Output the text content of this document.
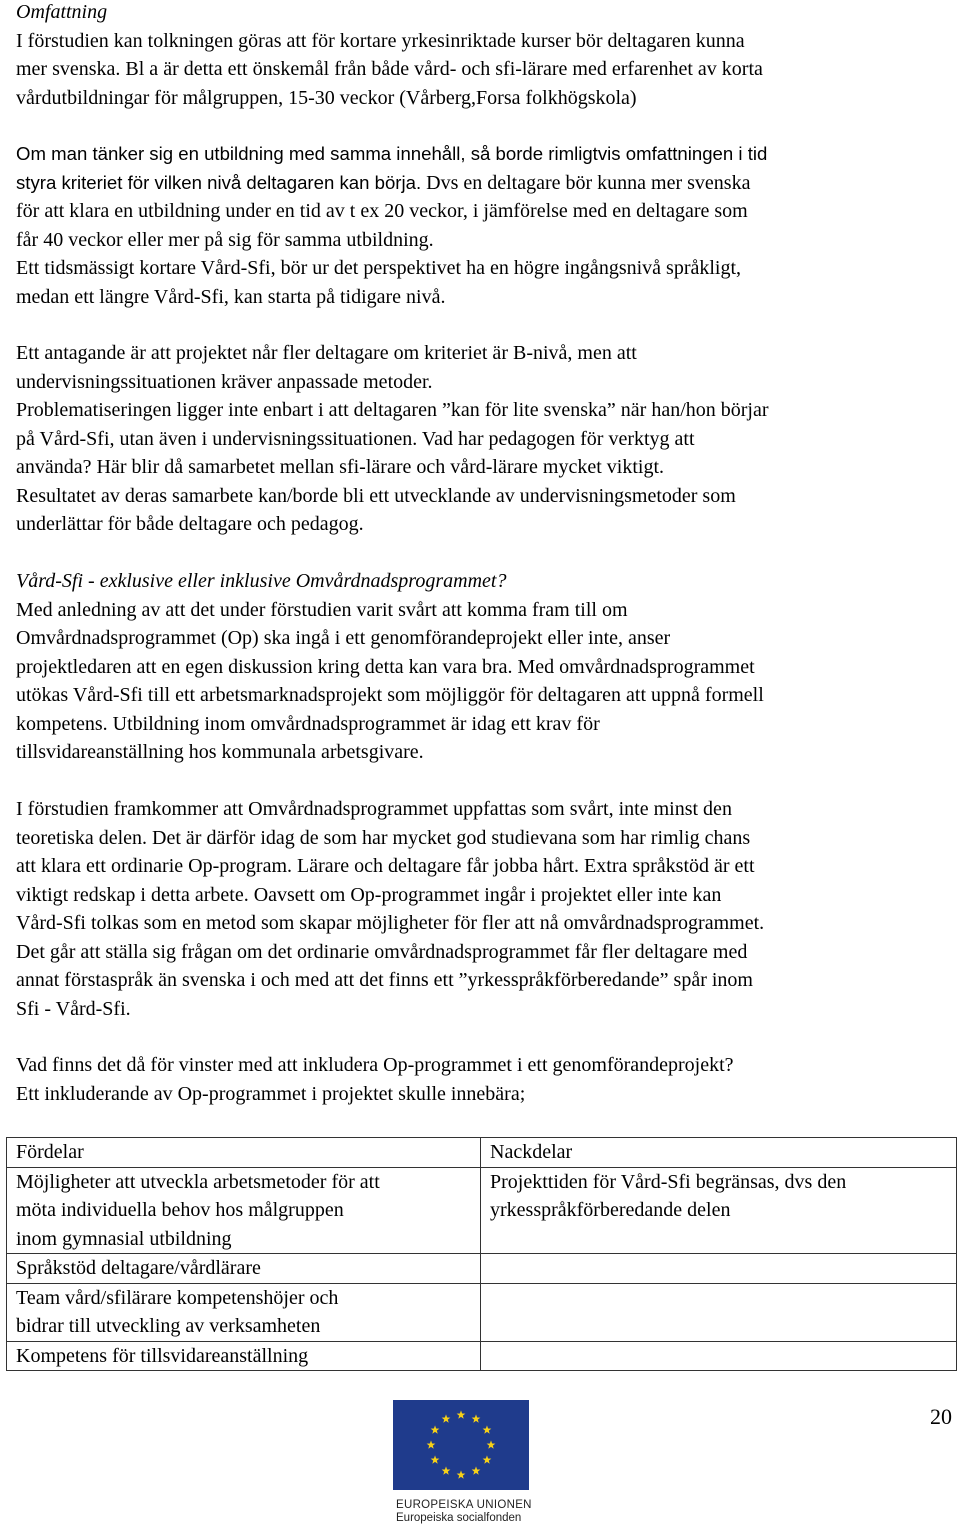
Omfattning
I förstudien kan tolkningen göras att för kortare yrkesinriktade kurser bör deltagaren kunna
mer svenska. Bl a är detta ett önskemål från både vård- och sfi-lärare med erfarenhet av korta
vårdutbildningar för målgruppen, 15-30 veckor (Vårberg,Forsa folkhögskola)
Om man tänker sig en utbildning med samma innehåll, så borde rimligtvis omfattningen i tid
styra kriteriet för vilken nivå deltagaren kan börja. Dvs en deltagare bör kunna mer svenska
för att klara en utbildning under en tid av t ex 20 veckor, i jämförelse med en deltagare som
får 40 veckor eller mer på sig för samma utbildning.
Ett tidsmässigt kortare Vård-Sfi, bör ur det perspektivet ha en högre ingångsnivå språkligt,
medan ett längre Vård-Sfi, kan starta på tidigare nivå.
Ett antagande är att projektet når fler deltagare om kriteriet är B-nivå, men att
undervisningssituationen kräver anpassade metoder.
Problematiseringen ligger inte enbart i att deltagaren ”kan för lite svenska” när han/hon börjar
på Vård-Sfi, utan även i undervisningssituationen. Vad har pedagogen för verktyg att
använda? Här blir då samarbetet mellan sfi-lärare och vård-lärare mycket viktigt.
Resultatet av deras samarbete kan/borde bli ett utvecklande av undervisningsmetoder som
underlättar för både deltagare och pedagog.
Vård-Sfi - exklusive eller inklusive Omvårdnadsprogrammet?
Med anledning av att det under förstudien varit svårt att komma fram till om
Omvårdnadsprogrammet (Op) ska ingå i ett genomförandeprojekt eller inte, anser
projektledaren att en egen diskussion kring detta kan vara bra. Med omvårdnadsprogrammet
utökas Vård-Sfi till ett arbetsmarknadsprojekt som möjliggör för deltagaren att uppnå formell
kompetens. Utbildning inom omvårdnadsprogrammet är idag ett krav för
tillsvidareanställning hos kommunala arbetsgivare.
I förstudien framkommer att Omvårdnadsprogrammet uppfattas som svårt, inte minst den
teoretiska delen. Det är därför idag de som har mycket god studievana som har rimlig chans
att klara ett ordinarie Op-program. Lärare och deltagare får jobba hårt. Extra språkstöd är ett
viktigt redskap i detta arbete. Oavsett om Op-programmet ingår i projektet eller inte kan
Vård-Sfi tolkas som en metod som skapar möjligheter för fler att nå omvårdnadsprogrammet.
Det går att ställa sig frågan om det ordinarie omvårdnadsprogrammet får fler deltagare med
annat förstaspråk än svenska i och med att det finns ett ”yrkesspråkförberedande” spår inom
Sfi - Vård-Sfi.
Vad finns det då för vinster med att inkludera Op-programmet i ett genomförandeprojekt?
Ett inkluderande av Op-programmet i projektet skulle innebära;
Fördelar	Nackdelar

Möjligheter att utveckla arbetsmetoder för att
möta individuella behov hos målgruppen
inom gymnasial utbildning	Projekttiden för Vård-Sfi begränsas, dvs den
yrkesspråkförberedande delen

Språkstöd deltagare/vårdlärare	

Team vård/sfilärare kompetenshöjer och
bidrar till utveckling av verksamheten	

Kompetens för tillsvidareanställning	

20
EUROPEISKA UNIONEN
Europeiska socialfonden
